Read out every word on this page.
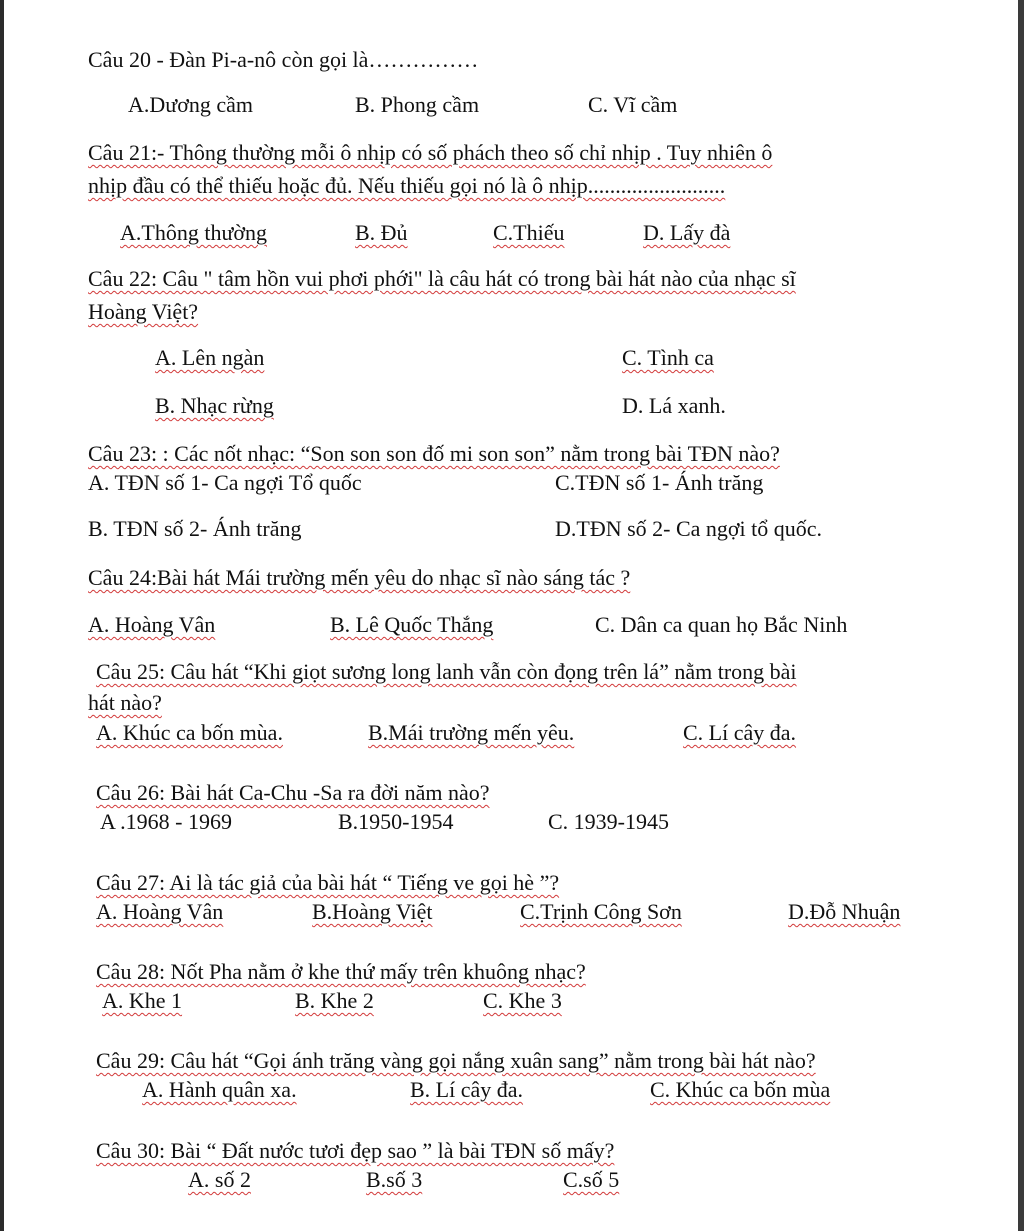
Câu 20 - Đàn Pi-a-nô còn gọi là……………
A.Dương cầm	B. Phong cầm	C. Vĩ cầm
Câu 21:- Thông thường mỗi ô nhịp có số phách theo số chỉ nhịp . Tuy nhiên ô
nhịp đầu có thể thiếu hoặc đủ. Nếu thiếu gọi nó là ô nhịp.........................
A.Thông thường	B. Đủ	C.Thiếu	D. Lấy đà
Câu 22: Câu " tâm hồn vui phơi phới" là câu hát có trong bài hát nào của nhạc sĩ
Hoàng Việt?
A. Lên ngàn	C. Tình ca
B. Nhạc rừng	D. Lá xanh.
Câu 23: : Các nốt nhạc: “Son son son đố mi son son” nằm trong bài TĐN nào?
A. TĐN số 1- Ca ngợi Tổ quốc	C.TĐN số 1- Ánh trăng
B. TĐN số 2- Ánh trăng	D.TĐN số 2- Ca ngợi tổ quốc.
Câu 24:Bài hát Mái trường mến yêu do nhạc sĩ nào sáng tác ?
A. Hoàng Vân	B. Lê Quốc Thắng	C. Dân ca quan họ Bắc Ninh
Câu 25: Câu hát “Khi giọt sương long lanh vẫn còn đọng trên lá” nằm trong bài
hát nào?
A. Khúc ca bốn mùa.	B.Mái trường mến yêu.	C. Lí cây đa.
Câu 26: Bài hát Ca-Chu -Sa ra đời năm nào?
A .1968 - 1969	B.1950-1954	C. 1939-1945
Câu 27: Ai là tác giả của bài hát “ Tiếng ve gọi hè ”?
A. Hoàng Vân	B.Hoàng Việt	C.Trịnh Công Sơn	D.Đỗ Nhuận
Câu 28: Nốt Pha nằm ở khe thứ mấy trên khuông nhạc?
A. Khe 1	B. Khe 2	C. Khe 3
Câu 29: Câu hát “Gọi ánh trăng vàng gọi nắng xuân sang” nằm trong bài hát nào?
A. Hành quân xa.	B. Lí cây đa.	C. Khúc ca bốn mùa
Câu 30: Bài “ Đất nước tươi đẹp sao ” là bài TĐN số mấy?
A. số 2	B.số 3	C.số 5
